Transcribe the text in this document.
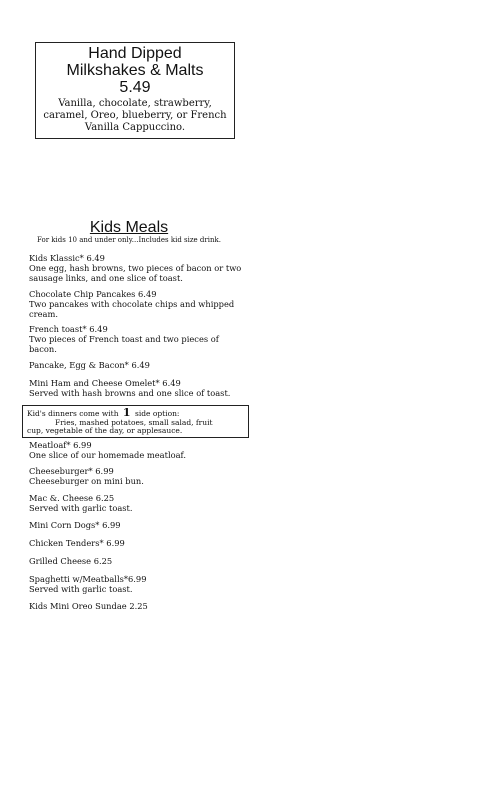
Hand Dipped
Milkshakes & Malts
5.49
Vanilla, chocolate, strawberry, caramel, Oreo, blueberry, or French Vanilla Cappuccino.
Kids Meals
For kids 10 and under only...Includes kid size drink.
Kids Klassic* 6.49
One egg, hash browns, two pieces of bacon or two sausage links, and one slice of toast.
Chocolate Chip Pancakes 6.49
Two pancakes with chocolate chips and whipped cream.
French toast* 6.49
Two pieces of French toast and two pieces of bacon.
Pancake, Egg & Bacon* 6.49
Mini Ham and Cheese Omelet* 6.49
Served with hash browns and one slice of toast.
Kid's dinners come with 1 side option:
Fries, mashed potatoes, small salad, fruit
cup, vegetable of the day, or applesauce.
Meatloaf* 6.99
One slice of our homemade meatloaf.
Cheeseburger* 6.99
Cheeseburger on mini bun.
Mac &. Cheese 6.25
Served with garlic toast.
Mini Corn Dogs* 6.99
Chicken Tenders* 6.99
Grilled Cheese 6.25
Spaghetti w/Meatballs*6.99
Served with garlic toast.
Kids Mini Oreo Sundae 2.25
